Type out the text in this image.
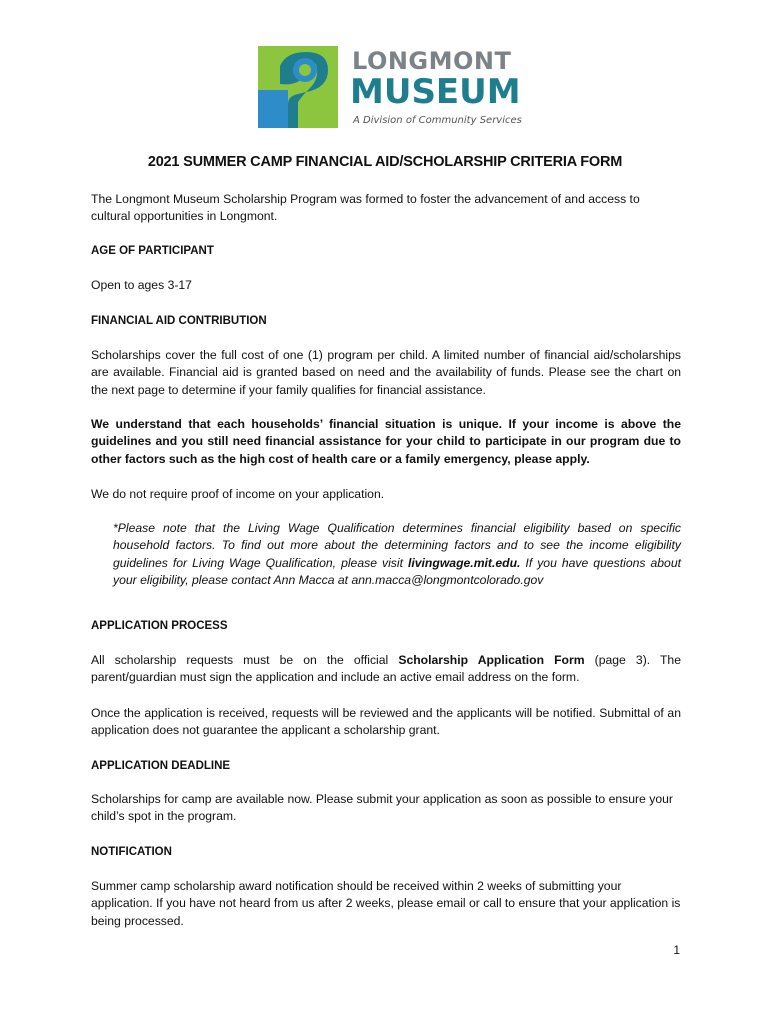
LONGMONT
MUSEUM
A Division of Community Services
2021 SUMMER CAMP FINANCIAL AID/SCHOLARSHIP CRITERIA FORM
The Longmont Museum Scholarship Program was formed to foster the advancement of and access to cultural opportunities in Longmont.
AGE OF PARTICIPANT
Open to ages 3-17
FINANCIAL AID CONTRIBUTION
Scholarships cover the full cost of one (1) program per child. A limited number of financial aid/scholarships are available. Financial aid is granted based on need and the availability of funds. Please see the chart on the next page to determine if your family qualifies for financial assistance.
We understand that each households’ financial situation is unique. If your income is above the guidelines and you still need financial assistance for your child to participate in our program due to other factors such as the high cost of health care or a family emergency, please apply.
We do not require proof of income on your application.
*Please note that the Living Wage Qualification determines financial eligibility based on specific household factors. To find out more about the determining factors and to see the income eligibility guidelines for Living Wage Qualification, please visit livingwage.mit.edu. If you have questions about your eligibility, please contact Ann Macca at ann.macca@longmontcolorado.gov
APPLICATION PROCESS
All scholarship requests must be on the official Scholarship Application Form (page 3). The parent/guardian must sign the application and include an active email address on the form.
Once the application is received, requests will be reviewed and the applicants will be notified. Submittal of an application does not guarantee the applicant a scholarship grant.
APPLICATION DEADLINE
Scholarships for camp are available now. Please submit your application as soon as possible to ensure your child’s spot in the program.
NOTIFICATION
Summer camp scholarship award notification should be received within 2 weeks of submitting your application. If you have not heard from us after 2 weeks, please email or call to ensure that your application is being processed.
1
